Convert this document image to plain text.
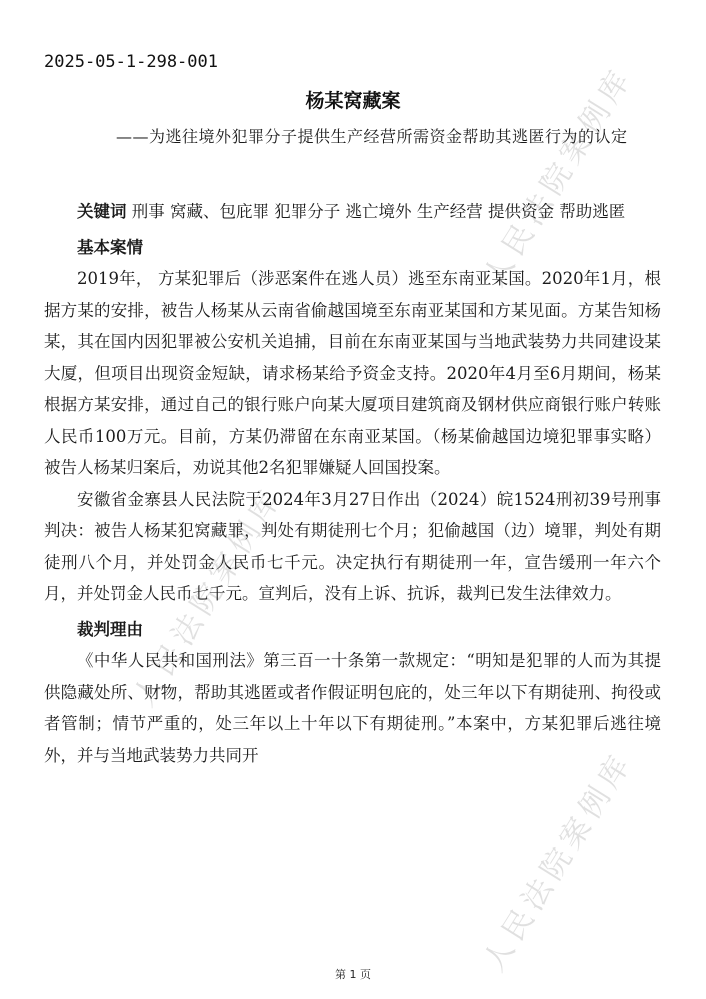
人民法院案例库
人民法院案例库
人民法院案例库
2025-05-1-298-001
杨某窝藏案
——为逃往境外犯罪分子提供生产经营所需资金帮助其逃匿行为的认定

关键词 刑事 窝藏、包庇罪 犯罪分子 逃亡境外 生产经营 提供资金 帮助逃匿

基本案情

2019年， 方某犯罪后（涉恶案件在逃人员）逃至东南亚某国。2020年1月，根据方某的安排，被告人杨某从云南省偷越国境至东南亚某国和方某见面。方某告知杨某，其在国内因犯罪被公安机关追捕，目前在东南亚某国与当地武装势力共同建设某大厦，但项目出现资金短缺，请求杨某给予资金支持。2020年4月至6月期间，杨某根据方某安排，通过自己的银行账户向某大厦项目建筑商及钢材供应商银行账户转账人民币100万元。目前，方某仍滞留在东南亚某国。（杨某偷越国边境犯罪事实略）被告人杨某归案后，劝说其他2名犯罪嫌疑人回国投案。

安徽省金寨县人民法院于2024年3月27日作出（2024）皖1524刑初39号刑事判决：被告人杨某犯窝藏罪，判处有期徒刑七个月；犯偷越国（边）境罪，判处有期徒刑八个月，并处罚金人民币七千元。决定执行有期徒刑一年，宣告缓刑一年六个月，并处罚金人民币七千元。宣判后，没有上诉、抗诉，裁判已发生法律效力。

裁判理由

《中华人民共和国刑法》第三百一十条第一款规定：“明知是犯罪的人而为其提供隐藏处所、财物，帮助其逃匿或者作假证明包庇的，处三年以下有期徒刑、拘役或者管制；情节严重的，处三年以上十年以下有期徒刑。”本案中，方某犯罪后逃往境外，并与当地武装势力共同开

第 1 页
